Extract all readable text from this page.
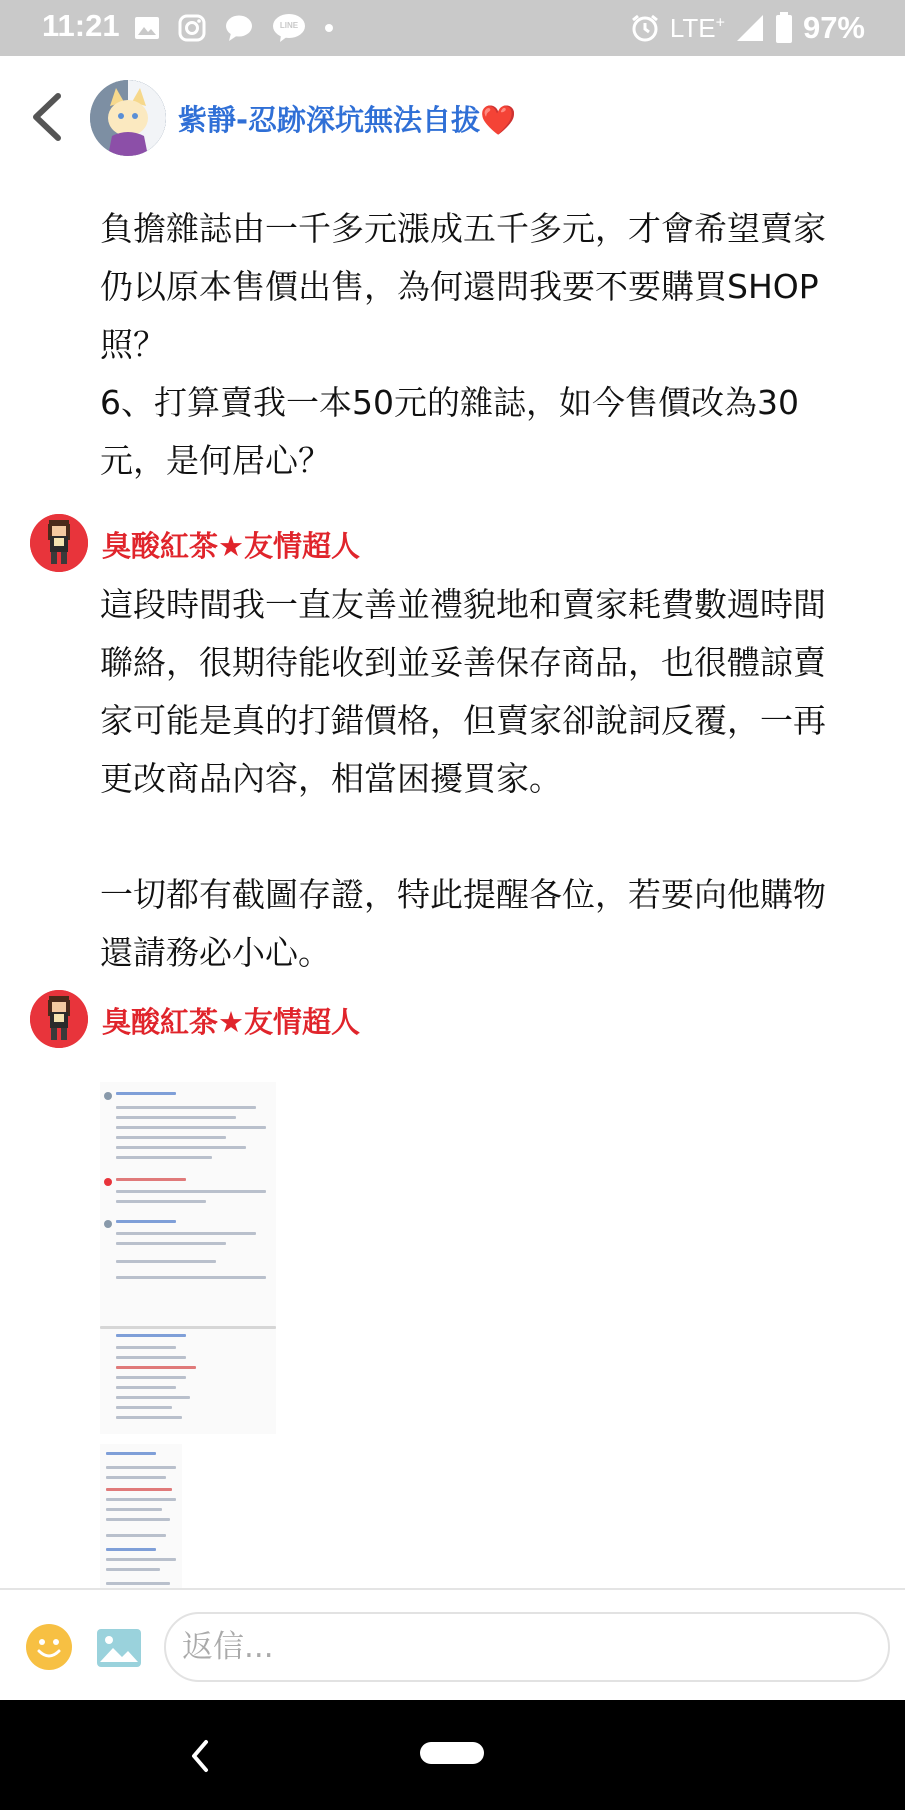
11:21	LINE	LTE+	97%
紫靜-忍跡深坑無法自拔❤️
負擔雜誌由一千多元漲成五千多元，才會希望賣家
仍以原本售價出售，為何還問我要不要購買SHOP
照？
6、打算賣我一本50元的雜誌，如今售價改為30
元，是何居心？
臭酸紅茶★友情超人
這段時間我一直友善並禮貌地和賣家耗費數週時間
聯絡，很期待能收到並妥善保存商品，也很體諒賣
家可能是真的打錯價格，但賣家卻說詞反覆，一再
更改商品內容，相當困擾買家。

一切都有截圖存證，特此提醒各位，若要向他購物
還請務必小心。
臭酸紅茶★友情超人
返信...
